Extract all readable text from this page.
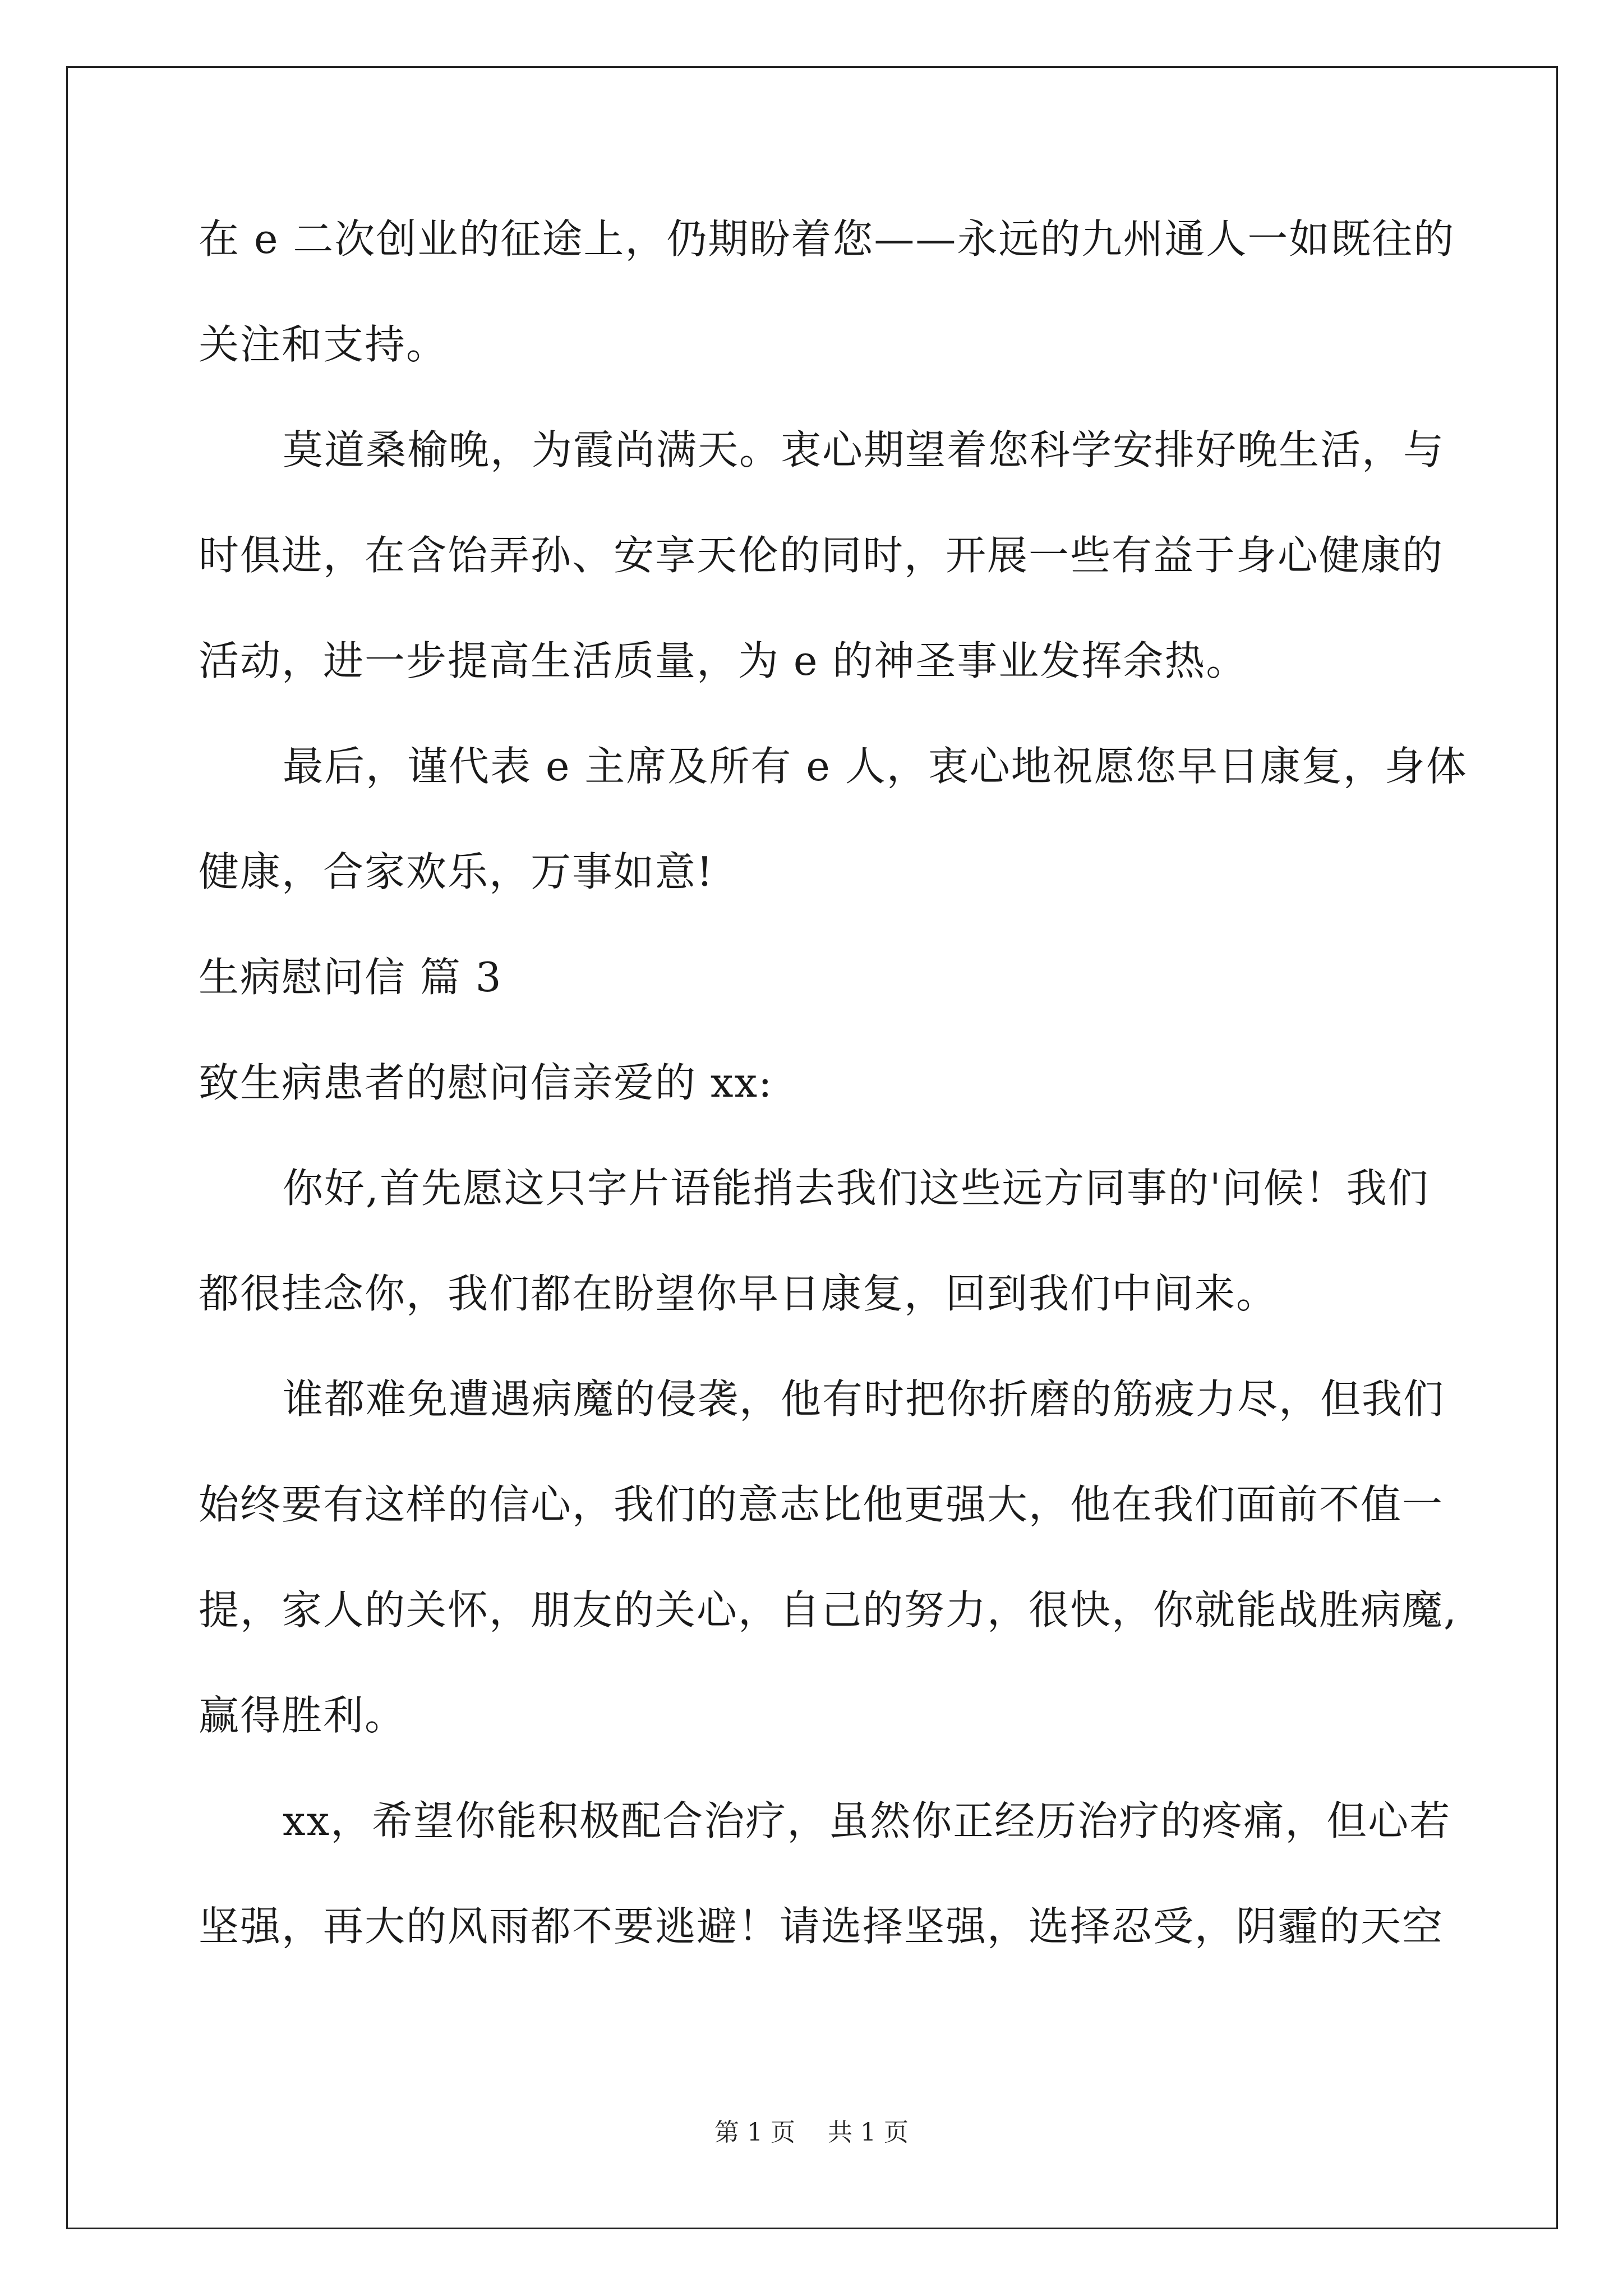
在 e 二次创业的征途上，仍期盼着您——永远的九州通人一如既往的
关注和支持。
莫道桑榆晚，为霞尚满天。衷心期望着您科学安排好晚生活，与
时俱进，在含饴弄孙、安享天伦的同时，开展一些有益于身心健康的
活动，进一步提高生活质量，为 e 的神圣事业发挥余热。
最后，谨代表 e 主席及所有 e 人，衷心地祝愿您早日康复，身体
健康，合家欢乐，万事如意!
生病慰问信 篇 3
致生病患者的慰问信亲爱的 xx:
你好,首先愿这只字片语能捎去我们这些远方同事的'问候！我们
都很挂念你，我们都在盼望你早日康复，回到我们中间来。
谁都难免遭遇病魔的侵袭，他有时把你折磨的筋疲力尽，但我们
始终要有这样的信心，我们的意志比他更强大，他在我们面前不值一
提，家人的关怀，朋友的关心，自己的努力，很快，你就能战胜病魔,
赢得胜利。
xx，希望你能积极配合治疗，虽然你正经历治疗的疼痛，但心若
坚强，再大的风雨都不要逃避！请选择坚强，选择忍受，阴霾的天空
第 1 页 共 1 页
